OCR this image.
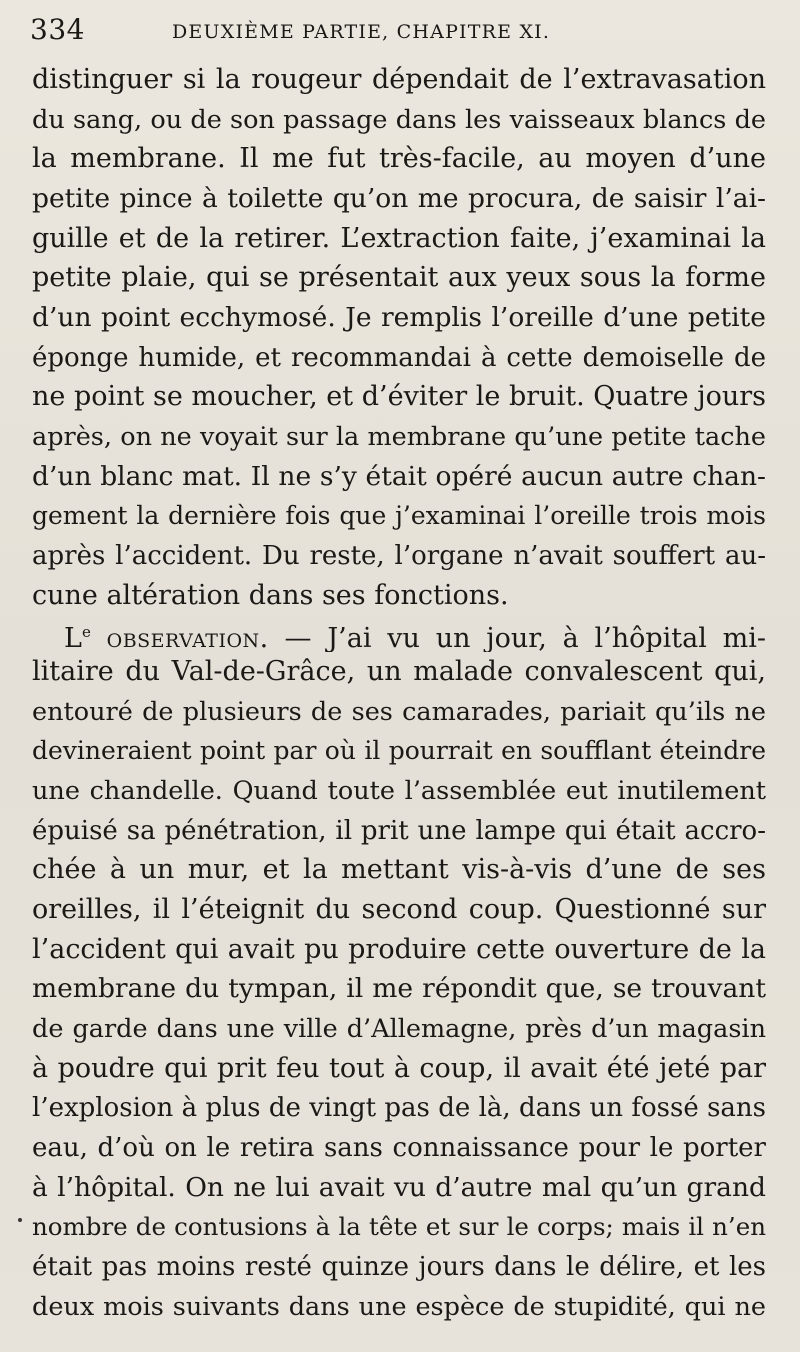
334	DEUXIÈME PARTIE, CHAPITRE XI.
distinguer si la rougeur dépendait de l’extravasation
du sang, ou de son passage dans les vaisseaux blancs de
la membrane. Il me fut très-facile, au moyen d’une
petite pince à toilette qu’on me procura, de saisir l’ai-
guille et de la retirer. L’extraction faite, j’examinai la
petite plaie, qui se présentait aux yeux sous la forme
d’un point ecchymosé. Je remplis l’oreille d’une petite
éponge humide, et recommandai à cette demoiselle de
ne point se moucher, et d’éviter le bruit. Quatre jours
après, on ne voyait sur la membrane qu’une petite tache
d’un blanc mat. Il ne s’y était opéré aucun autre chan-
gement la dernière fois que j’examinai l’oreille trois mois
après l’accident. Du reste, l’organe n’avait souffert au-
cune altération dans ses fonctions.
Le observation. — J’ai vu un jour, à l’hôpital mi-
litaire du Val-de-Grâce, un malade convalescent qui,
entouré de plusieurs de ses camarades, pariait qu’ils ne
devineraient point par où il pourrait en soufflant éteindre
une chandelle. Quand toute l’assemblée eut inutilement
épuisé sa pénétration, il prit une lampe qui était accro-
chée à un mur, et la mettant vis-à-vis d’une de ses
oreilles, il l’éteignit du second coup. Questionné sur
l’accident qui avait pu produire cette ouverture de la
membrane du tympan, il me répondit que, se trouvant
de garde dans une ville d’Allemagne, près d’un magasin
à poudre qui prit feu tout à coup, il avait été jeté par
l’explosion à plus de vingt pas de là, dans un fossé sans
eau, d’où on le retira sans connaissance pour le porter
à l’hôpital. On ne lui avait vu d’autre mal qu’un grand
nombre de contusions à la tête et sur le corps; mais il n’en
était pas moins resté quinze jours dans le délire, et les
deux mois suivants dans une espèce de stupidité, qui ne
